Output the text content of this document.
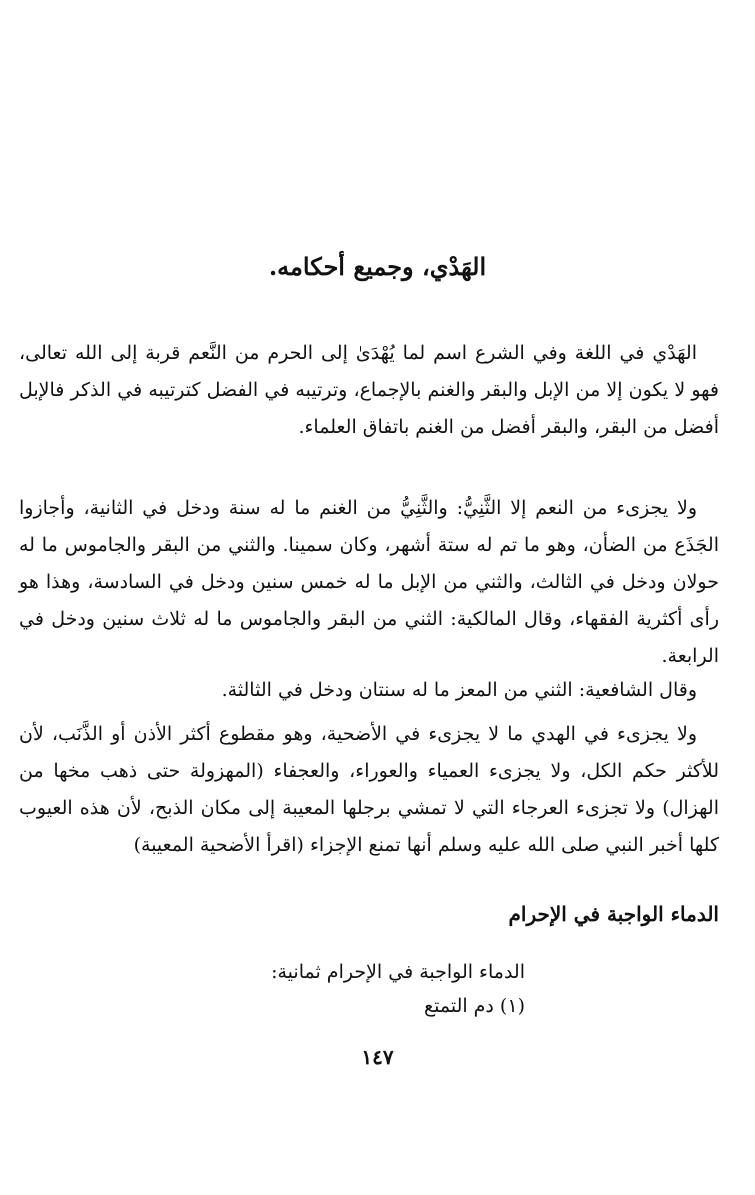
الهَدْي، وجميع أحكامه.

الهَدْي في اللغة وفي الشرع اسم لما يُهْدَىٰ إلى الحرم من النَّعم قربة إلى الله تعالى، فهو لا يكون إلا من الإبل والبقر والغنم بالإجماع، وترتيبه في الفضل كترتيبه في الذكر فالإبل أفضل من البقر، والبقر أفضل من الغنم باتفاق العلماء.

ولا يجزىء من النعم إلا الثَّنِيُّ: والثَّنِيُّ من الغنم ما له سنة ودخل في الثانية، وأجازوا الجَذَع من الضأن، وهو ما تم له ستة أشهر، وكان سمينا. والثني من البقر والجاموس ما له حولان ودخل في الثالث، والثني من الإبل ما له خمس سنين ودخل في السادسة، وهذا هو رأى أكثرية الفقهاء، وقال المالكية: الثني من البقر والجاموس ما له ثلاث سنين ودخل في الرابعة.

وقال الشافعية: الثني من المعز ما له سنتان ودخل في الثالثة.

ولا يجزىء في الهدي ما لا يجزىء في الأضحية، وهو مقطوع أكثر الأذن أو الذَّنَب، لأن للأكثر حكم الكل، ولا يجزىء العمياء والعوراء، والعجفاء (المهزولة حتى ذهب مخها من الهزال) ولا تجزىء العرجاء التي لا تمشي برجلها المعيبة إلى مكان الذبح، لأن هذه العيوب كلها أخبر النبي صلى الله عليه وسلم أنها تمنع الإجزاء (اقرأ الأضحية المعيبة)

الدماء الواجبة في الإحرام
الدماء الواجبة في الإحرام ثمانية:
(١) دم التمتع
١٤٧
